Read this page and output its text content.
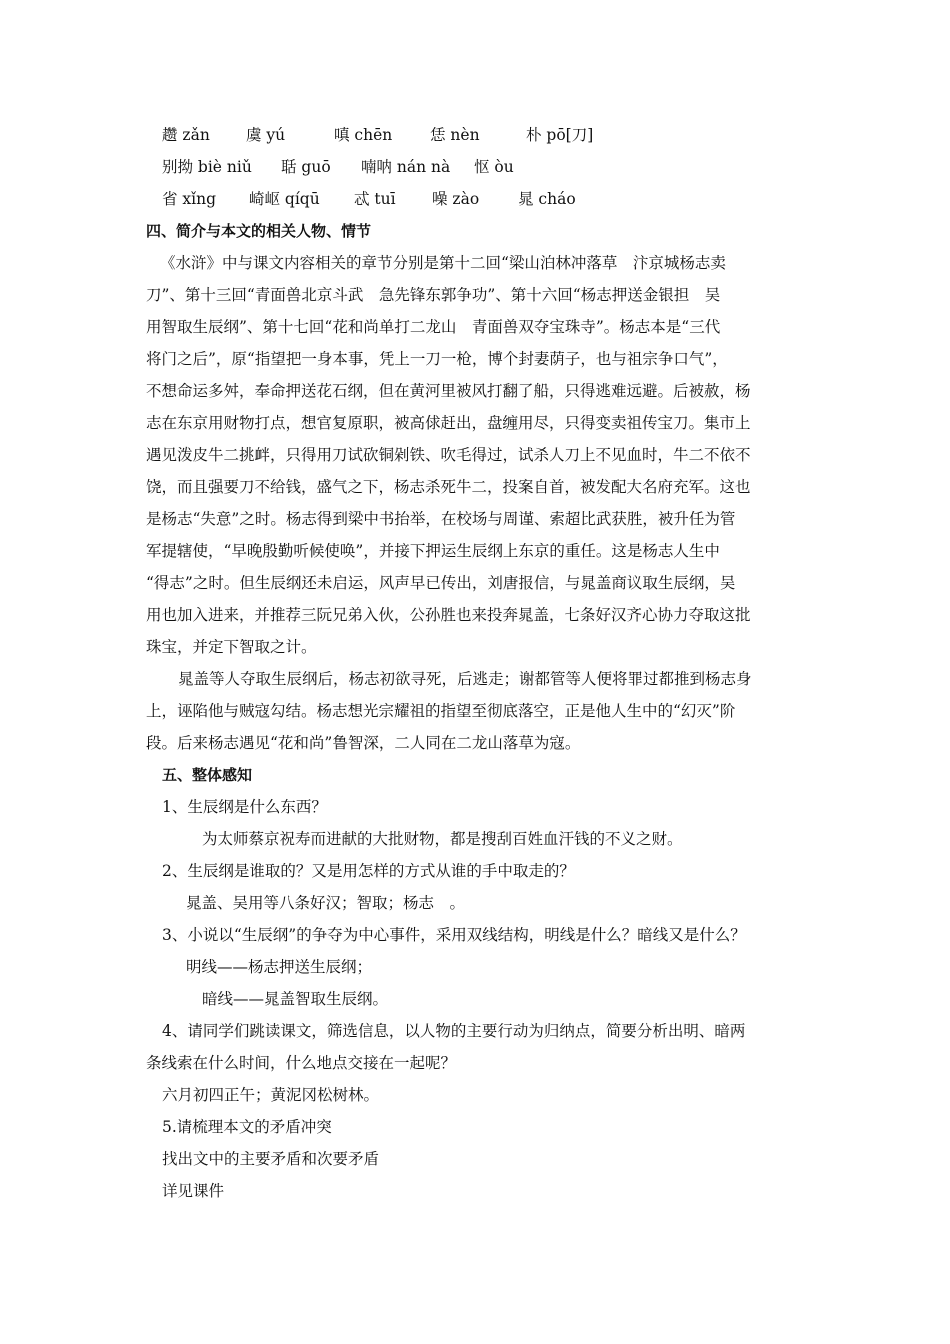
趱 zǎn 虞 yú	嗔 chēn 恁 nèn	朴 pō[刀]
别拗 biè niǔ 聒 guō 喃呐 nán nà 怄 òu
省 xǐng 崎岖 qíqū 忒 tuī 噪 zào	晁 cháo
四、简介与本文的相关人物、情节
《水浒》中与课文内容相关的章节分别是第十二回“梁山泊林冲落草　汴京城杨志卖
刀”、第十三回“青面兽北京斗武　急先锋东郭争功”、第十六回“杨志押送金银担　吴
用智取生辰纲”、第十七回“花和尚单打二龙山　青面兽双夺宝珠寺”。杨志本是“三代
将门之后”，原“指望把一身本事，凭上一刀一枪，博个封妻荫子，也与祖宗争口气”，
不想命运多舛，奉命押送花石纲，但在黄河里被风打翻了船，只得逃难远避。后被赦，杨
志在东京用财物打点，想官复原职，被高俅赶出，盘缠用尽，只得变卖祖传宝刀。集市上
遇见泼皮牛二挑衅，只得用刀试砍铜剁铁、吹毛得过，试杀人刀上不见血时，牛二不依不
饶，而且强要刀不给钱，盛气之下，杨志杀死牛二，投案自首，被发配大名府充军。这也
是杨志“失意”之时。杨志得到梁中书抬举，在校场与周谨、索超比武获胜，被升任为管
军提辖使，“早晚殷勤听候使唤”，并接下押运生辰纲上东京的重任。这是杨志人生中
“得志”之时。但生辰纲还未启运，风声早已传出，刘唐报信，与晁盖商议取生辰纲，吴
用也加入进来，并推荐三阮兄弟入伙，公孙胜也来投奔晁盖，七条好汉齐心协力夺取这批
珠宝，并定下智取之计。
晁盖等人夺取生辰纲后，杨志初欲寻死，后逃走；谢都管等人便将罪过都推到杨志身
上，诬陷他与贼寇勾结。杨志想光宗耀祖的指望至彻底落空，正是他人生中的“幻灭”阶
段。后来杨志遇见“花和尚”鲁智深，二人同在二龙山落草为寇。
五、整体感知
1、生辰纲是什么东西？
为太师蔡京祝寿而进献的大批财物，都是搜刮百姓血汗钱的不义之财。
2、生辰纲是谁取的？又是用怎样的方式从谁的手中取走的？
晁盖、吴用等八条好汉；智取；杨志　。
3、小说以“生辰纲”的争夺为中心事件，采用双线结构，明线是什么？暗线又是什么？
明线——杨志押送生辰纲；
暗线——晁盖智取生辰纲。
4、请同学们跳读课文，筛选信息，以人物的主要行动为归纳点，简要分析出明、暗两
条线索在什么时间，什么地点交接在一起呢？
六月初四正午；黄泥冈松树林。
5.请梳理本文的矛盾冲突
找出文中的主要矛盾和次要矛盾
详见课件
